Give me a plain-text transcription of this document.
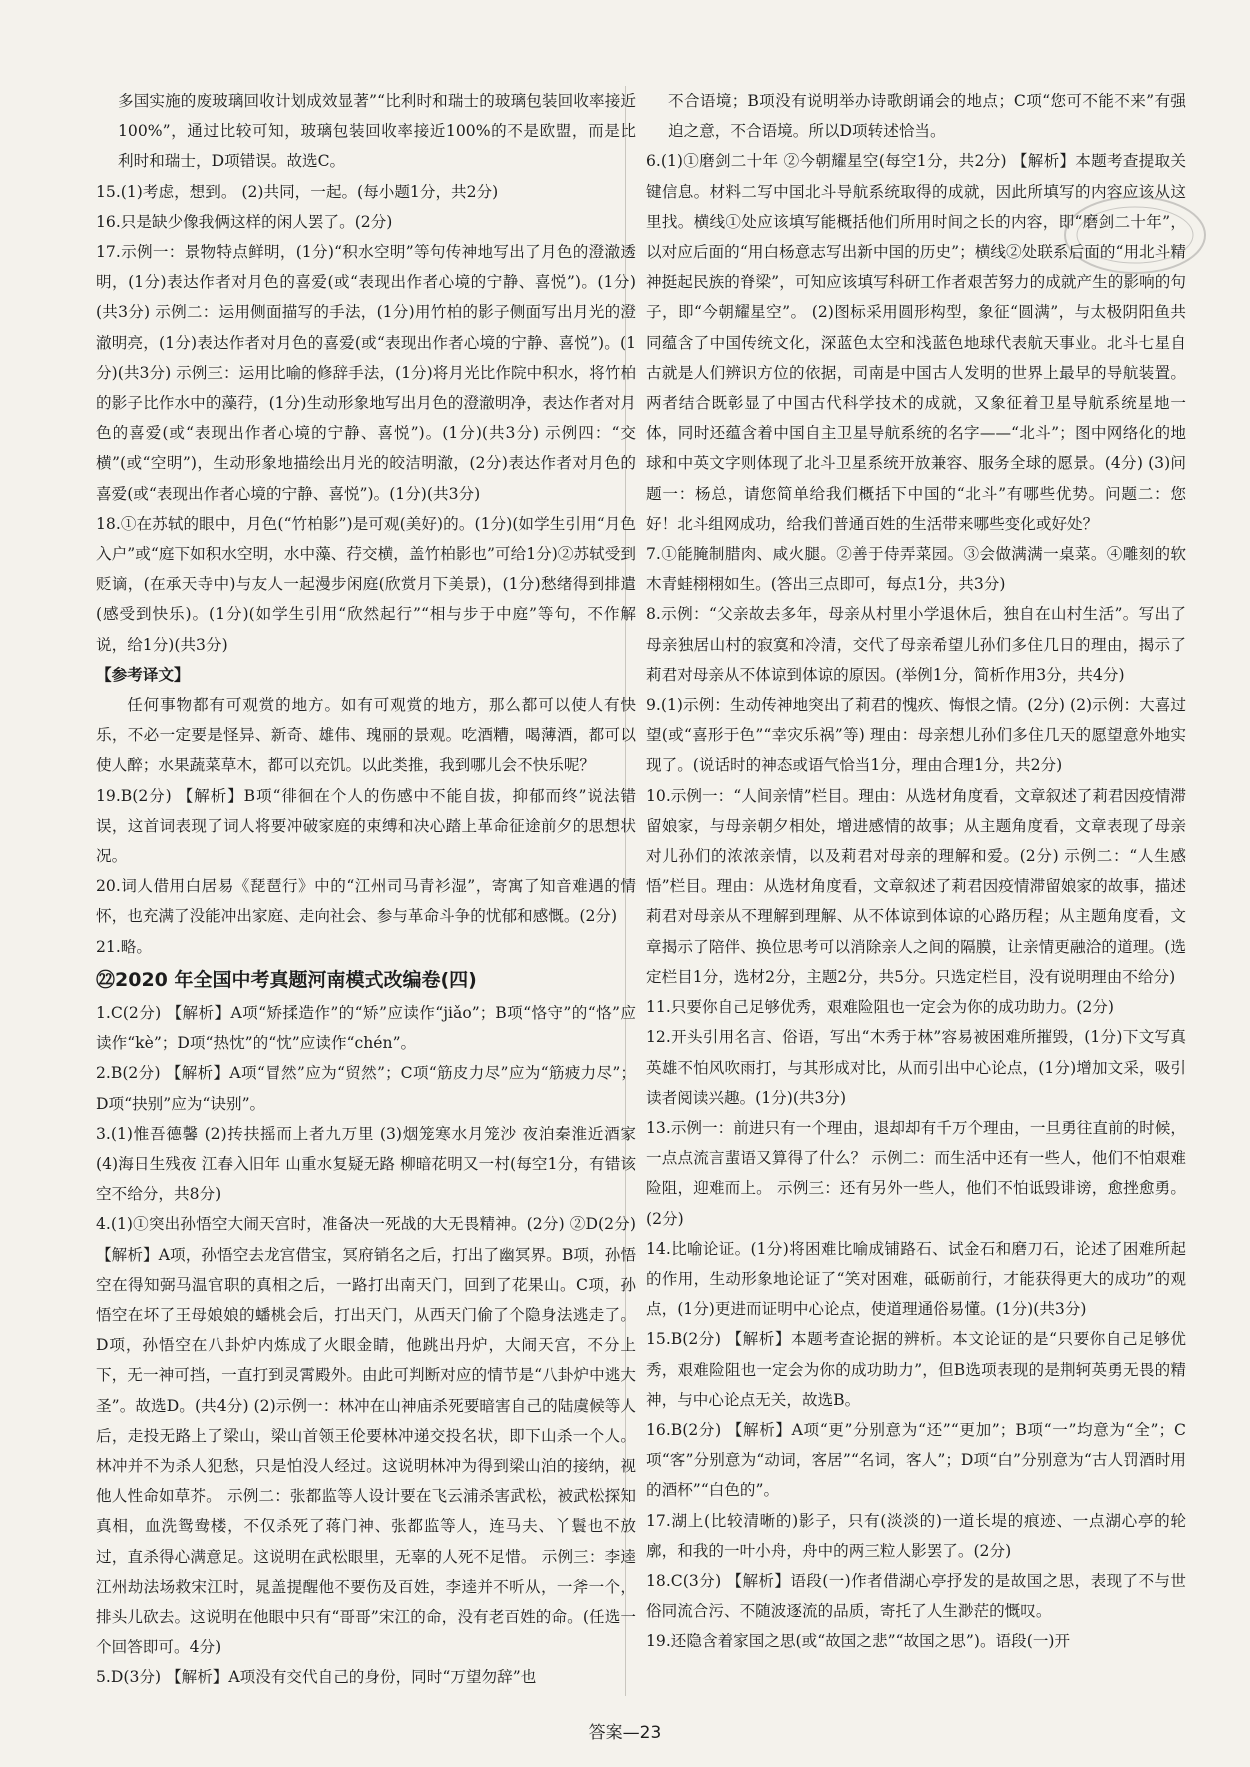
多国实施的废玻璃回收计划成效显著”“比利时和瑞士的玻璃包装回收率接近100%”，通过比较可知，玻璃包装回收率接近100%的不是欧盟，而是比利时和瑞士，D项错误。故选C。

15.(1)考虑，想到。 (2)共同，一起。(每小题1分，共2分)

16.只是缺少像我俩这样的闲人罢了。(2分)

17.示例一：景物特点鲜明，(1分)“积水空明”等句传神地写出了月色的澄澈透明，(1分)表达作者对月色的喜爱(或“表现出作者心境的宁静、喜悦”)。(1分)(共3分) 示例二：运用侧面描写的手法，(1分)用竹柏的影子侧面写出月光的澄澈明亮，(1分)表达作者对月色的喜爱(或“表现出作者心境的宁静、喜悦”)。(1分)(共3分) 示例三：运用比喻的修辞手法，(1分)将月光比作院中积水，将竹柏的影子比作水中的藻荇，(1分)生动形象地写出月色的澄澈明净，表达作者对月色的喜爱(或“表现出作者心境的宁静、喜悦”)。(1分)(共3分) 示例四：“交横”(或“空明”)，生动形象地描绘出月光的皎洁明澈，(2分)表达作者对月色的喜爱(或“表现出作者心境的宁静、喜悦”)。(1分)(共3分)

18.①在苏轼的眼中，月色(“竹柏影”)是可观(美好)的。(1分)(如学生引用“月色入户”或“庭下如积水空明，水中藻、荇交横，盖竹柏影也”可给1分)②苏轼受到贬谪，(在承天寺中)与友人一起漫步闲庭(欣赏月下美景)，(1分)愁绪得到排遣(感受到快乐)。(1分)(如学生引用“欣然起行”“相与步于中庭”等句，不作解说，给1分)(共3分)

【参考译文】

任何事物都有可观赏的地方。如有可观赏的地方，那么都可以使人有快乐，不必一定要是怪异、新奇、雄伟、瑰丽的景观。吃酒糟，喝薄酒，都可以使人醉；水果蔬菜草木，都可以充饥。以此类推，我到哪儿会不快乐呢？

19.B(2分) 【解析】B项“徘徊在个人的伤感中不能自拔，抑郁而终”说法错误，这首词表现了词人将要冲破家庭的束缚和决心踏上革命征途前夕的思想状况。

20.词人借用白居易《琵琶行》中的“江州司马青衫湿”，寄寓了知音难遇的情怀，也充满了没能冲出家庭、走向社会、参与革命斗争的忧郁和感慨。(2分)

21.略。

㉒2020 年全国中考真题河南模式改编卷(四)

1.C(2分) 【解析】A项“矫揉造作”的“矫”应读作“jiǎo”；B项“恪守”的“恪”应读作“kè”；D项“热忱”的“忱”应读作“chén”。

2.B(2分) 【解析】A项“冒然”应为“贸然”；C项“筋皮力尽”应为“筋疲力尽”；D项“抉别”应为“诀别”。

3.(1)惟吾德馨 (2)抟扶摇而上者九万里 (3)烟笼寒水月笼沙 夜泊秦淮近酒家 (4)海日生残夜 江春入旧年 山重水复疑无路 柳暗花明又一村(每空1分，有错该空不给分，共8分)

4.(1)①突出孙悟空大闹天宫时，准备决一死战的大无畏精神。(2分) ②D(2分) 【解析】A项，孙悟空去龙宫借宝，冥府销名之后，打出了幽冥界。B项，孙悟空在得知弼马温官职的真相之后，一路打出南天门，回到了花果山。C项，孙悟空在坏了王母娘娘的蟠桃会后，打出天门，从西天门偷了个隐身法逃走了。D项，孙悟空在八卦炉内炼成了火眼金睛，他跳出丹炉，大闹天宫，不分上下，无一神可挡，一直打到灵霄殿外。由此可判断对应的情节是“八卦炉中逃大圣”。故选D。(共4分) (2)示例一：林冲在山神庙杀死要暗害自己的陆虞候等人后，走投无路上了梁山，梁山首领王伦要林冲递交投名状，即下山杀一个人。林冲并不为杀人犯愁，只是怕没人经过。这说明林冲为得到梁山泊的接纳，视他人性命如草芥。 示例二：张都监等人设计要在飞云浦杀害武松，被武松探知真相，血洗鸳鸯楼，不仅杀死了蒋门神、张都监等人，连马夫、丫鬟也不放过，直杀得心满意足。这说明在武松眼里，无辜的人死不足惜。 示例三：李逵江州劫法场救宋江时，晁盖提醒他不要伤及百姓，李逵并不听从，一斧一个，排头儿砍去。这说明在他眼中只有“哥哥”宋江的命，没有老百姓的命。(任选一个回答即可。4分)

5.D(3分) 【解析】A项没有交代自己的身份，同时“万望勿辞”也

不合语境；B项没有说明举办诗歌朗诵会的地点；C项“您可不能不来”有强迫之意，不合语境。所以D项转述恰当。

6.(1)①磨剑二十年 ②今朝耀星空(每空1分，共2分) 【解析】本题考查提取关键信息。材料二写中国北斗导航系统取得的成就，因此所填写的内容应该从这里找。横线①处应该填写能概括他们所用时间之长的内容，即“磨剑二十年”，以对应后面的“用白杨意志写出新中国的历史”；横线②处联系后面的“用北斗精神挺起民族的脊梁”，可知应该填写科研工作者艰苦努力的成就产生的影响的句子，即“今朝耀星空”。 (2)图标采用圆形构型，象征“圆满”，与太极阴阳鱼共同蕴含了中国传统文化，深蓝色太空和浅蓝色地球代表航天事业。北斗七星自古就是人们辨识方位的依据，司南是中国古人发明的世界上最早的导航装置。两者结合既彰显了中国古代科学技术的成就，又象征着卫星导航系统星地一体，同时还蕴含着中国自主卫星导航系统的名字——“北斗”；图中网络化的地球和中英文字则体现了北斗卫星系统开放兼容、服务全球的愿景。(4分) (3)问题一：杨总，请您简单给我们概括下中国的“北斗”有哪些优势。问题二：您好！北斗组网成功，给我们普通百姓的生活带来哪些变化或好处？

7.①能腌制腊肉、咸火腿。②善于侍弄菜园。③会做满满一桌菜。④雕刻的软木青蛙栩栩如生。(答出三点即可，每点1分，共3分)

8.示例：“父亲故去多年，母亲从村里小学退休后，独自在山村生活”。写出了母亲独居山村的寂寞和冷清，交代了母亲希望儿孙们多住几日的理由，揭示了莉君对母亲从不体谅到体谅的原因。(举例1分，简析作用3分，共4分)

9.(1)示例：生动传神地突出了莉君的愧疚、悔恨之情。(2分) (2)示例：大喜过望(或“喜形于色”“幸灾乐祸”等) 理由：母亲想儿孙们多住几天的愿望意外地实现了。(说话时的神态或语气恰当1分，理由合理1分，共2分)

10.示例一：“人间亲情”栏目。理由：从选材角度看，文章叙述了莉君因疫情滞留娘家，与母亲朝夕相处，增进感情的故事；从主题角度看，文章表现了母亲对儿孙们的浓浓亲情，以及莉君对母亲的理解和爱。(2分) 示例二：“人生感悟”栏目。理由：从选材角度看，文章叙述了莉君因疫情滞留娘家的故事，描述莉君对母亲从不理解到理解、从不体谅到体谅的心路历程；从主题角度看，文章揭示了陪伴、换位思考可以消除亲人之间的隔膜，让亲情更融洽的道理。(选定栏目1分，选材2分，主题2分，共5分。只选定栏目，没有说明理由不给分)

11.只要你自己足够优秀，艰难险阻也一定会为你的成功助力。(2分)

12.开头引用名言、俗语，写出“木秀于林”容易被困难所摧毁，(1分)下文写真英雄不怕风吹雨打，与其形成对比，从而引出中心论点，(1分)增加文采，吸引读者阅读兴趣。(1分)(共3分)

13.示例一：前进只有一个理由，退却却有千万个理由，一旦勇往直前的时候，一点点流言蜚语又算得了什么？ 示例二：而生活中还有一些人，他们不怕艰难险阻，迎难而上。 示例三：还有另外一些人，他们不怕诋毁诽谤，愈挫愈勇。(2分)

14.比喻论证。(1分)将困难比喻成铺路石、试金石和磨刀石，论述了困难所起的作用，生动形象地论证了“笑对困难，砥砺前行，才能获得更大的成功”的观点，(1分)更进而证明中心论点，使道理通俗易懂。(1分)(共3分)

15.B(2分) 【解析】本题考查论据的辨析。本文论证的是“只要你自己足够优秀，艰难险阻也一定会为你的成功助力”，但B选项表现的是荆轲英勇无畏的精神，与中心论点无关，故选B。

16.B(2分) 【解析】A项“更”分别意为“还”“更加”；B项“一”均意为“全”；C项“客”分别意为“动词，客居”“名词，客人”；D项“白”分别意为“古人罚酒时用的酒杯”“白色的”。

17.湖上(比较清晰的)影子，只有(淡淡的)一道长堤的痕迹、一点湖心亭的轮廓，和我的一叶小舟，舟中的两三粒人影罢了。(2分)

18.C(3分) 【解析】语段(一)作者借湖心亭抒发的是故国之思，表现了不与世俗同流合污、不随波逐流的品质，寄托了人生渺茫的慨叹。

19.还隐含着家国之思(或“故国之悲”“故国之思”)。语段(一)开

答案—23
